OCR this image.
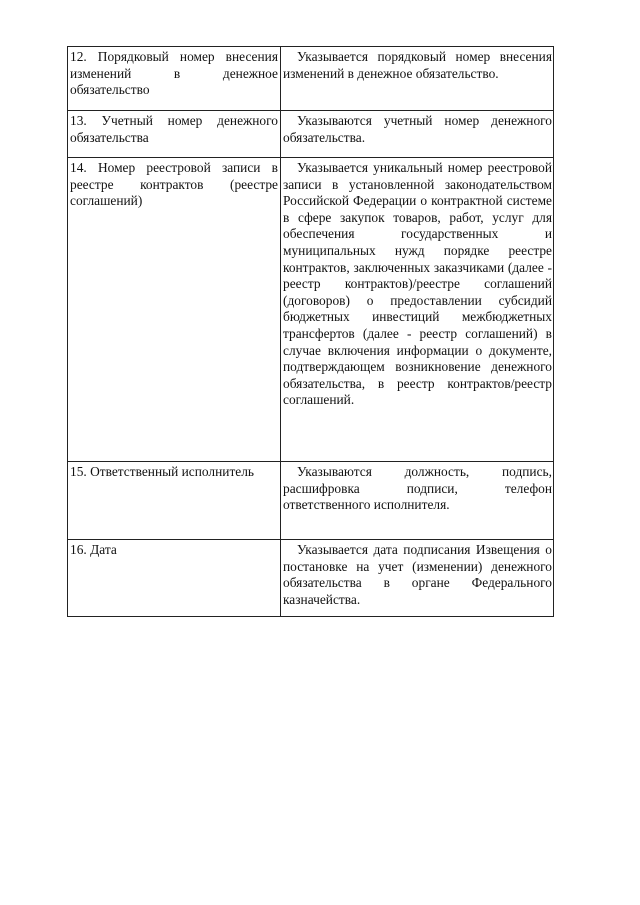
12. Порядковый номер внесения изменений в денежное обязательство	Указывается порядковый номер внесения изменений в денежное обязательство.
13. Учетный номер денежного обязательства	Указываются учетный номер денежного обязательства.
14. Номер реестровой записи в реестре контрактов (реестре соглашений)	Указывается уникальный номер реестровой записи в установленной законодательством Российской Федерации о контрактной системе в сфере закупок товаров, работ, услуг для обеспечения государственных и муниципальных нужд порядке реестре контрактов, заключенных заказчиками (далее - реестр контрактов)/реестре соглашений (договоров) о предоставлении субсидий бюджетных инвестиций межбюджетных трансфертов (далее - реестр соглашений) в случае включения информации о документе, подтверждающем возникновение денежного обязательства, в реестр контрактов/реестр соглашений.
15. Ответственный исполнитель	Указываются должность, подпись, расшифровка подписи, телефон ответственного исполнителя.
16. Дата	Указывается дата подписания Извещения о постановке на учет (изменении) денежного обязательства в органе Федерального казначейства.
